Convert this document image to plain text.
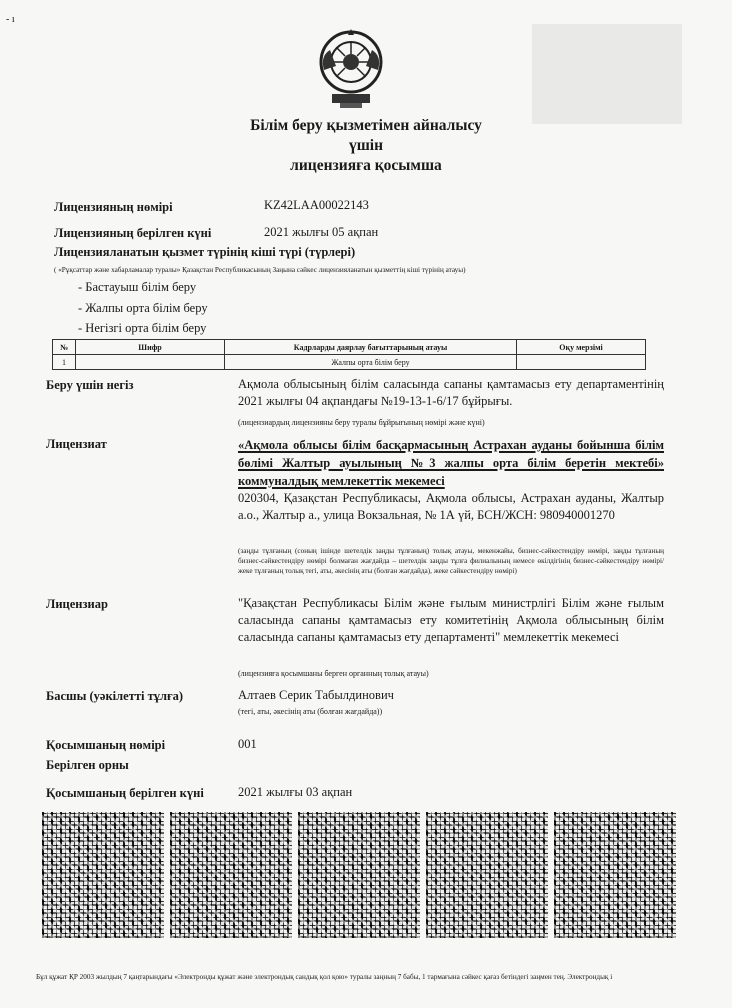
- ı
Білім беру қызметімен айналысу
үшін
лицензияға қосымша
Лицензияның нөмірі	KZ42LAA00022143
Лицензияның берілген күні	2021 жылғы 05 ақпан
Лицензияланатын қызмет түрінің кіші түрі (түрлері)
( «Рұқсаттар және хабарламалар туралы» Қазақстан Республикасының Заңына сәйкес лицензияланатын қызметтің кіші түрінің атауы)
- Бастауыш білім беру
- Жалпы орта білім беру
- Негізгі орта білім беру
№	Шифр	Кадрларды даярлау бағыттарының атауы	Оқу мерзімі
1		Жалпы орта білім беру	
Беру үшін негіз	Ақмола облысының білім саласында сапаны қамтамасыз ету департаментінің 2021 жылғы 04 ақпандағы №19-13-1-6/17 бұйрығы.
(лицензиардың лицензияны беру туралы бұйрығының нөмірі және күні)
Лицензиат	«Ақмола облысы білім басқармасының Астрахан ауданы бойынша білім бөлімі Жалтыр ауылының №3 жалпы орта білім беретін мектебі» коммуналдық мемлекеттік мекемесі
020304, Қазақстан Республикасы, Ақмола облысы, Астрахан ауданы, Жалтыр а.о., Жалтыр а., улица Вокзальная, № 1А үй, БСН/ЖСН: 980940001270
(заңды тұлғаның (соның ішінде шетелдік заңды тұлғаның) толық атауы, мекенжайы, бизнес-сәйкестендіру нөмірі, заңды тұлғаның бизнес-сәйкестендіру нөмірі болмаған жағдайда – шетелдік заңды тұлға филиалының немесе өкілдігінің бизнес-сәйкестендіру нөмірі/жеке тұлғаның толық тегі, аты, әкесінің аты (болған жағдайда), жеке сәйкестендіру нөмірі)
Лицензиар	"Қазақстан Республикасы Білім және ғылым министрлігі Білім және ғылым саласында сапаны қамтамасыз ету комитетінің Ақмола облысының білім саласында сапаны қамтамасыз ету департаменті" мемлекеттік мекемесі
(лицензияға қосымшаны берген органның толық атауы)
Басшы (уәкілетті тұлға)	Алтаев Серик Табылдинович
(тегі, аты, әкесінің аты (болған жағдайда))
Қосымшаның нөмірі	001
Берілген орны
Қосымшаның берілген күні	2021 жылғы 03 ақпан
Бұл құжат ҚР 2003 жылдың 7 қаңтарындағы «Электронды құжат және электрондық сандық қол қою» туралы заңның 7 бабы, 1 тармағына сәйкес қағаз бетіндегі заңмен тең. Электрондық і
